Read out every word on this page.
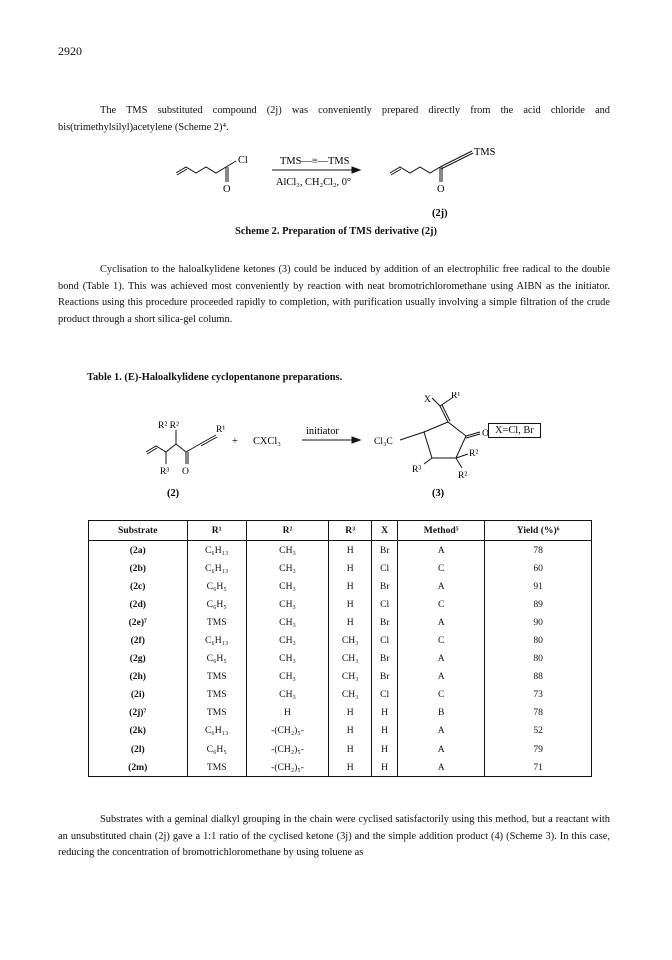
2920

The TMS substituted compound (2j) was conveniently prepared directly from the acid chloride and bis(trimethylsilyl)acetylene (Scheme 2)⁴.

Cl
O
TMS—≡—TMS
AlCl₃, CH₂Cl₂, 0°
TMS
O
(2j)
Scheme 2. Preparation of TMS derivative (2j)

Cyclisation to the haloalkylidene ketones (3) could be induced by addition of an electrophilic free radical to the double bond (Table 1). This was achieved most conveniently by reaction with neat bromotrichloromethane using AIBN as the initiator. Reactions using this procedure proceeded rapidly to completion, with purification usually involving a simple filtration of the crude product through a short silica-gel column.

Table 1. (E)-Haloalkylidene cyclopentanone preparations.
R² R²	R¹
R³ O
+ CXCl₃
initiator
Cl₃C
X R¹
O
R²
R²
R³
(2)	(3)
X=Cl, Br
Substrate	R¹	R²	R³	X	Method⁵	Yield (%)⁶
(2a)	C₆H₁₃	CH₃	H	Br	A	78
(2b)	C₆H₁₃	CH₃	H	Cl	C	60
(2c)	C₆H₅	CH₃	H	Br	A	91
(2d)	C₆H₅	CH₃	H	Cl	C	89
(2e)⁷	TMS	CH₃	H	Br	A	90
(2f)	C₆H₁₃	CH₃	CH₃	Cl	C	80
(2g)	C₆H₅	CH₃	CH₃	Br	A	80
(2h)	TMS	CH₃	CH₃	Br	A	88
(2i)	TMS	CH₃	CH₃	Cl	C	73
(2j)⁷	TMS	H	H	H	B	78
(2k)	C₆H₁₃	-(CH₂)₅-	H	H	A	52
(2l)	C₆H₅	-(CH₂)₅-	H	H	A	79
(2m)	TMS	-(CH₂)₅-	H	H	A	71

Substrates with a geminal dialkyl grouping in the chain were cyclised satisfactorily using this method, but a reactant with an unsubstituted chain (2j) gave a 1:1 ratio of the cyclised ketone (3j) and the simple addition product (4) (Scheme 3). In this case, reducing the concentration of bromotrichloromethane by using toluene as
